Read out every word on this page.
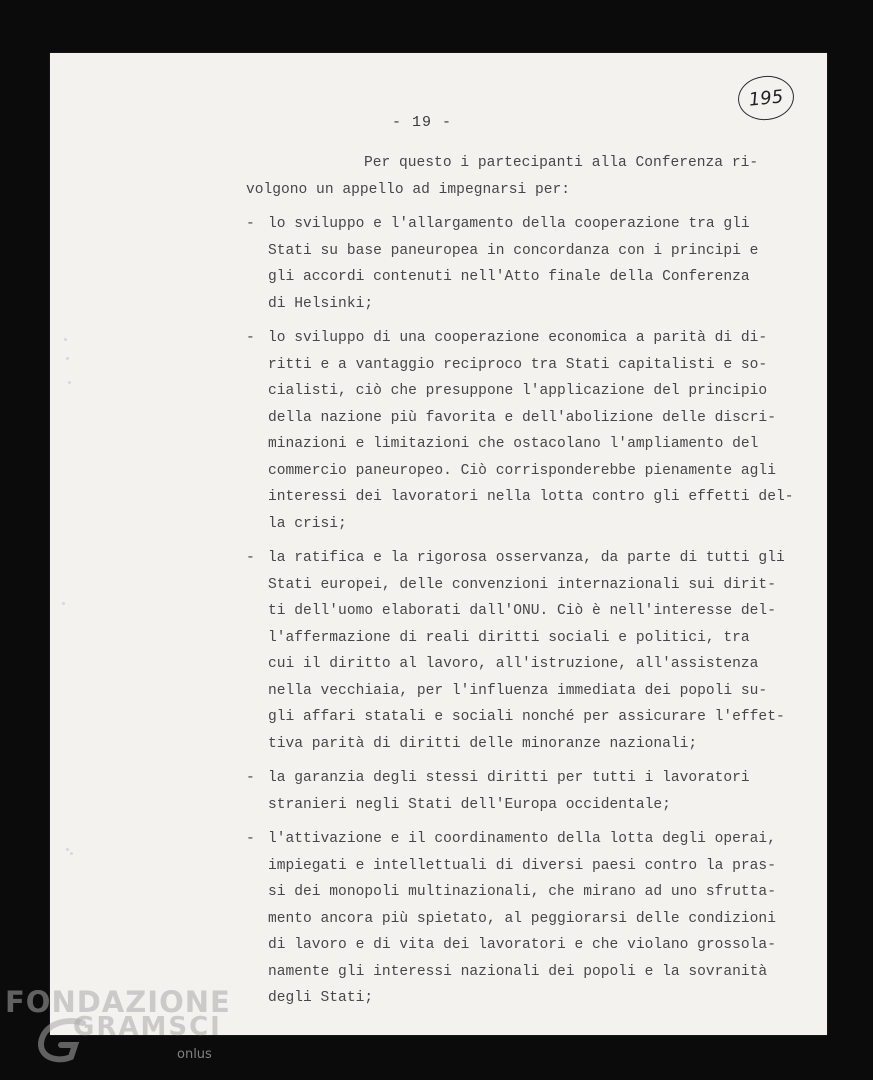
- 19 -
195
Per questo i partecipanti alla Conferenza ri-
volgono un appello ad impegnarsi per:
- lo sviluppo e l'allargamento della cooperazione tra gli
Stati su base paneuropea in concordanza con i principi e
gli accordi contenuti nell'Atto finale della Conferenza
di Helsinki;
- lo sviluppo di una cooperazione economica a parità di di-
ritti e a vantaggio reciproco tra Stati capitalisti e so-
cialisti, ciò che presuppone l'applicazione del principio
della nazione più favorita e dell'abolizione delle discri-
minazioni e limitazioni che ostacolano l'ampliamento del
commercio paneuropeo. Ciò corrisponderebbe pienamente agli
interessi dei lavoratori nella lotta contro gli effetti del-
la crisi;
- la ratifica e la rigorosa osservanza, da parte di tutti gli
Stati europei, delle convenzioni internazionali sui dirit-
ti dell'uomo elaborati dall'ONU. Ciò è nell'interesse del-
l'affermazione di reali diritti sociali e politici, tra
cui il diritto al lavoro, all'istruzione, all'assistenza
nella vecchiaia, per l'influenza immediata dei popoli su-
gli affari statali e sociali nonché per assicurare l'effet-
tiva parità di diritti delle minoranze nazionali;
- la garanzia degli stessi diritti per tutti i lavoratori
stranieri negli Stati dell'Europa occidentale;
- l'attivazione e il coordinamento della lotta degli operai,
impiegati e intellettuali di diversi paesi contro la pras-
si dei monopoli multinazionali, che mirano ad uno sfrutta-
mento ancora più spietato, al peggiorarsi delle condizioni
di lavoro e di vita dei lavoratori e che violano grossola-
namente gli interessi nazionali dei popoli e la sovranità
degli Stati;
FONDAZIONE
GRAMSCI
onlus
